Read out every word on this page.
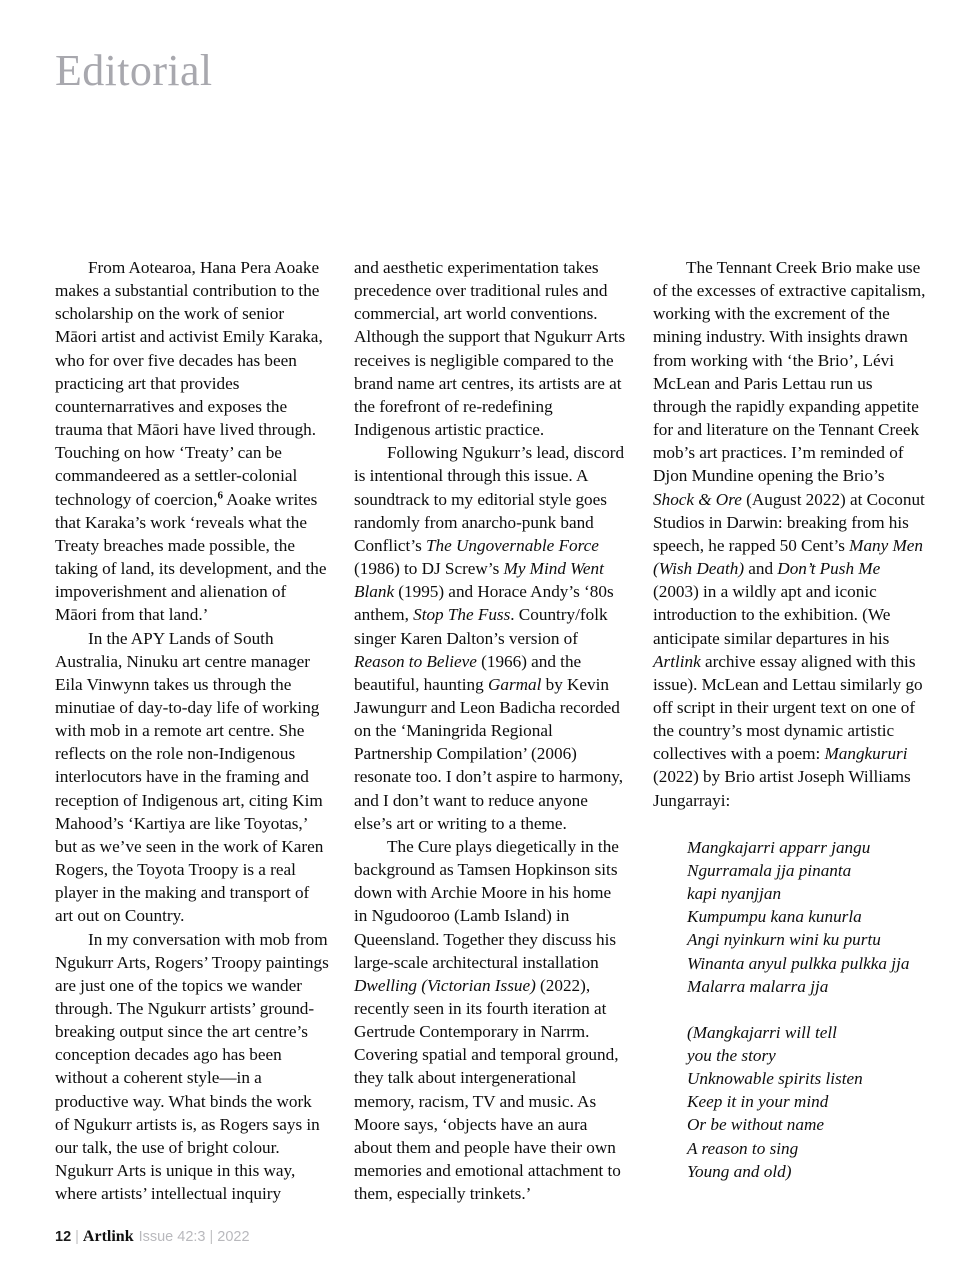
Editorial

From Aotearoa, Hana Pera Aoake makes a substantial contribution to the scholarship on the work of senior Māori artist and activist Emily Karaka, who for over five decades has been practicing art that provides counternarratives and exposes the trauma that Māori have lived through. Touching on how ‘Treaty’ can be commandeered as a settler-colonial technology of coercion,$^6$ Aoake writes that Karaka’s work ‘reveals what the Treaty breaches made possible, the taking of land, its development, and the impoverishment and alienation of Māori from that land.’

In the APY Lands of South Australia, Ninuku art centre manager Eila Vinwynn takes us through the minutiae of day-to-day life of working with mob in a remote art centre. She reflects on the role non-Indigenous interlocutors have in the framing and reception of Indigenous art, citing Kim Mahood’s ‘Kartiya are like Toyotas,’ but as we’ve seen in the work of Karen Rogers, the Toyota Troopy is a real player in the making and transport of art out on Country.

In my conversation with mob from Ngukurr Arts, Rogers’ Troopy paintings are just one of the topics we wander through. The Ngukurr artists’ ground-breaking output since the art centre’s conception decades ago has been without a coherent style—in a productive way. What binds the work of Ngukurr artists is, as Rogers says in our talk, the use of bright colour. Ngukurr Arts is unique in this way, where artists’ intellectual inquiry

and aesthetic experimentation takes precedence over traditional rules and commercial, art world conventions. Although the support that Ngukurr Arts receives is negligible compared to the brand name art centres, its artists are at the forefront of re-redefining Indigenous artistic practice.

Following Ngukurr’s lead, discord is intentional through this issue. A soundtrack to my editorial style goes randomly from anarcho-punk band Conflict’s The Ungovernable Force (1986) to DJ Screw’s My Mind Went Blank (1995) and Horace Andy’s ‘80s anthem, Stop The Fuss. Country/folk singer Karen Dalton’s version of Reason to Believe (1966) and the beautiful, haunting Garmal by Kevin Jawungurr and Leon Badicha recorded on the ‘Maningrida Regional Partnership Compilation’ (2006) resonate too. I don’t aspire to harmony, and I don’t want to reduce anyone else’s art or writing to a theme.

The Cure plays diegetically in the background as Tamsen Hopkinson sits down with Archie Moore in his home in Ngudooroo (Lamb Island) in Queensland. Together they discuss his large-scale architectural installation Dwelling (Victorian Issue) (2022), recently seen in its fourth iteration at Gertrude Contemporary in Narrm. Covering spatial and temporal ground, they talk about intergenerational memory, racism, TV and music. As Moore says, ‘objects have an aura about them and people have their own memories and emotional attachment to them, especially trinkets.’

The Tennant Creek Brio make use of the excesses of extractive capitalism, working with the excrement of the mining industry. With insights drawn from working with ‘the Brio’, Lévi McLean and Paris Lettau run us through the rapidly expanding appetite for and literature on the Tennant Creek mob’s art practices. I’m reminded of Djon Mundine opening the Brio’s Shock & Ore (August 2022) at Coconut Studios in Darwin: breaking from his speech, he rapped 50 Cent’s Many Men (Wish Death) and Don’t Push Me (2003) in a wildly apt and iconic introduction to the exhibition. (We anticipate similar departures in his Artlink archive essay aligned with this issue). McLean and Lettau similarly go off script in their urgent text on one of the country’s most dynamic artistic collectives with a poem: Mangkururi (2022) by Brio artist Joseph Williams Jungarrayi:

Mangkajarri apparr jangu
Ngurramala jja pinanta
kapi nyanjjan
Kumpumpu kana kunurla
Angi nyinkurn wini ku purtu
Winanta anyul pulkka pulkka jja
Malarra malarra jja
(Mangkajarri will tell
you the story
Unknowable spirits listen
Keep it in your mind
Or be without name
A reason to sing
Young and old)
12 | Artlink Issue 42:3 | 2022
